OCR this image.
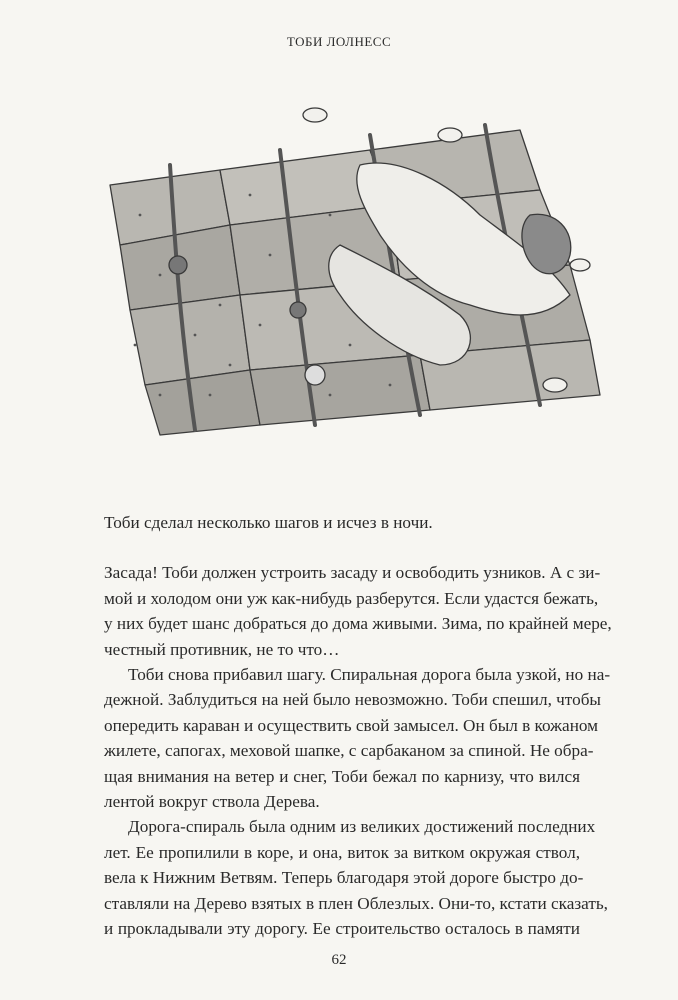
ТОБИ ЛОЛНЕСС

Тоби сделал несколько шагов и исчез в ночи.

Засада! Тоби должен устроить засаду и освободить узников. А с зи-
мой и холодом они уж как-нибудь разберутся. Если удастся бежать,
у них будет шанс добраться до дома живыми. Зима, по крайней мере,
честный противник, не то что…

Тоби снова прибавил шагу. Спиральная дорога была узкой, но на-
дежной. Заблудиться на ней было невозможно. Тоби спешил, чтобы
опередить караван и осуществить свой замысел. Он был в кожаном
жилете, сапогах, меховой шапке, с сарбаканом за спиной. Не обра-
щая внимания на ветер и снег, Тоби бежал по карнизу, что вился
лентой вокруг ствола Дерева.

Дорога-спираль была одним из великих достижений последних
лет. Ее пропилили в коре, и она, виток за витком окружая ствол,
вела к Нижним Ветвям. Теперь благодаря этой дороге быстро до-
ставляли на Дерево взятых в плен Облезлых. Они-то, кстати сказать,
и прокладывали эту дорогу. Ее строительство осталось в памяти

62
